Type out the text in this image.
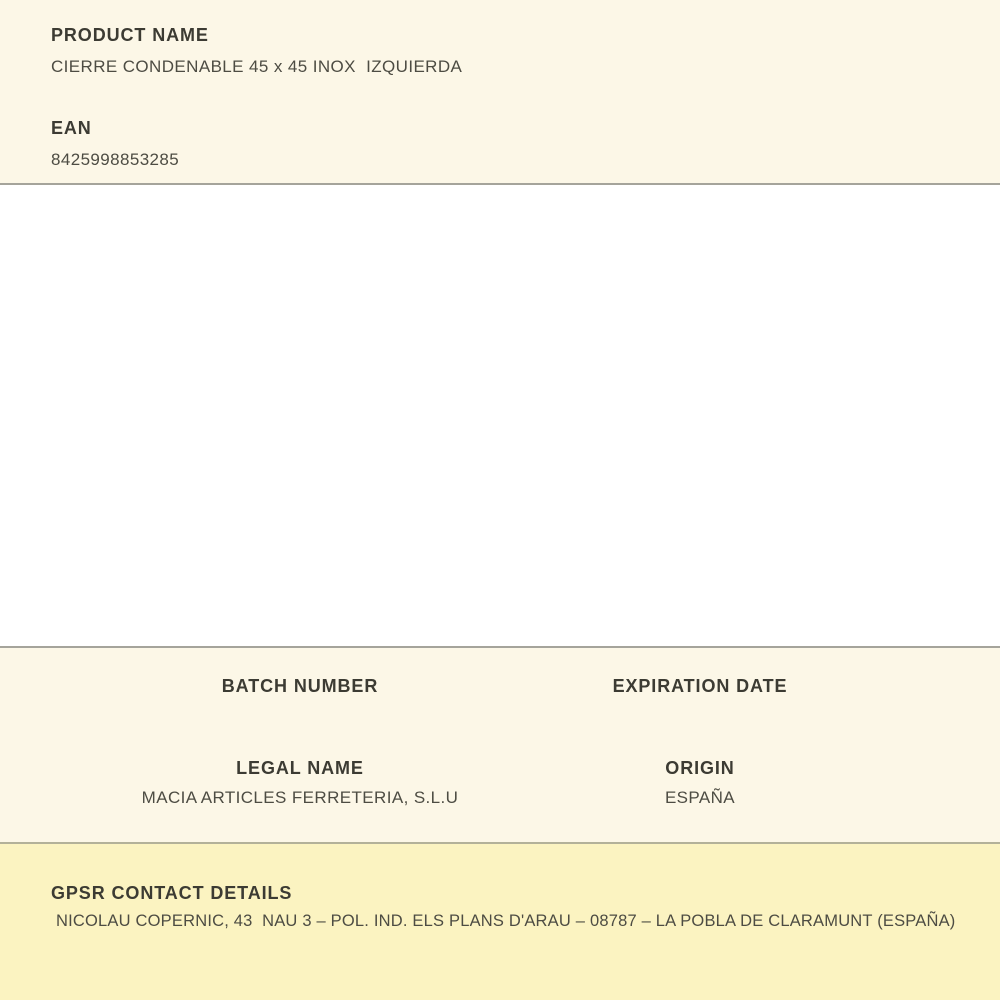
PRODUCT NAME
CIERRE CONDENABLE 45 x 45 INOX  IZQUIERDA
EAN
8425998853285
BATCH NUMBER	EXPIRATION DATE
LEGAL NAME
MACIA ARTICLES FERRETERIA, S.L.U
ORIGIN
ESPAÑA
GPSR CONTACT DETAILS
NICOLAU COPERNIC, 43  NAU 3 – POL. IND. ELS PLANS D'ARAU – 08787 – LA POBLA DE CLARAMUNT (ESPAÑA)
